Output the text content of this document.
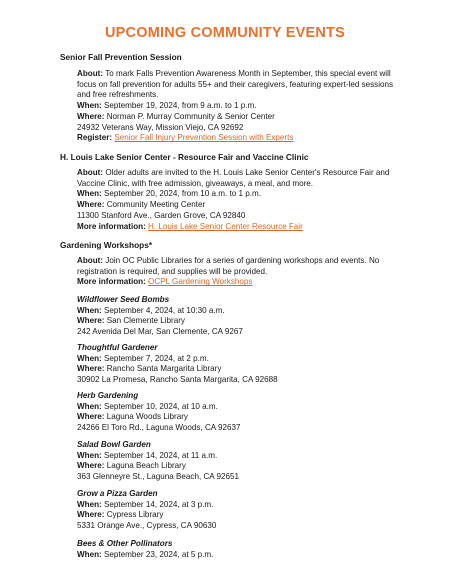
UPCOMING COMMUNITY EVENTS
Senior Fall Prevention Session

About: To mark Falls Prevention Awareness Month in September, this special event will focus on fall prevention for adults 55+ and their caregivers, featuring expert-led sessions and free refreshments.

When: September 19, 2024, from 9 a.m. to 1 p.m.

Where: Norman P. Murray Community & Senior Center

24932 Veterans Way, Mission Viejo, CA 92692

Register: Senior Fall Injury Prevention Session with Experts

H. Louis Lake Senior Center - Resource Fair and Vaccine Clinic

About: Older adults are invited to the H. Louis Lake Senior Center's Resource Fair and Vaccine Clinic, with free admission, giveaways, a meal, and more.

When: September 20, 2024, from 10 a.m. to 1 p.m.

Where: Community Meeting Center

11300 Stanford Ave., Garden Grove, CA 92840

More information: H. Louis Lake Senior Center Resource Fair

Gardening Workshops*

About: Join OC Public Libraries for a series of gardening workshops and events. No registration is required, and supplies will be provided.

More information: OCPL Gardening Workshops

Wildflower Seed Bombs

When: September 4, 2024, at 10:30 a.m.

Where: San Clemente Library

242 Avenida Del Mar, San Clemente, CA 9267

Thoughtful Gardener

When: September 7, 2024, at 2 p.m.

Where: Rancho Santa Margarita Library

30902 La Promesa, Rancho Santa Margarita, CA 92688

Herb Gardening

When: September 10, 2024, at 10 a.m.

Where: Laguna Woods Library

24266 El Toro Rd., Laguna Woods, CA 92637

Salad Bowl Garden

When: September 14, 2024, at 11 a.m.

Where: Laguna Beach Library

363 Glenneyre St., Laguna Beach, CA 92651

Grow a Pizza Garden

When: September 14, 2024, at 3 p.m.

Where: Cypress Library

5331 Orange Ave., Cypress, CA 90630

Bees & Other Pollinators

When: September 23, 2024, at 5 p.m.
